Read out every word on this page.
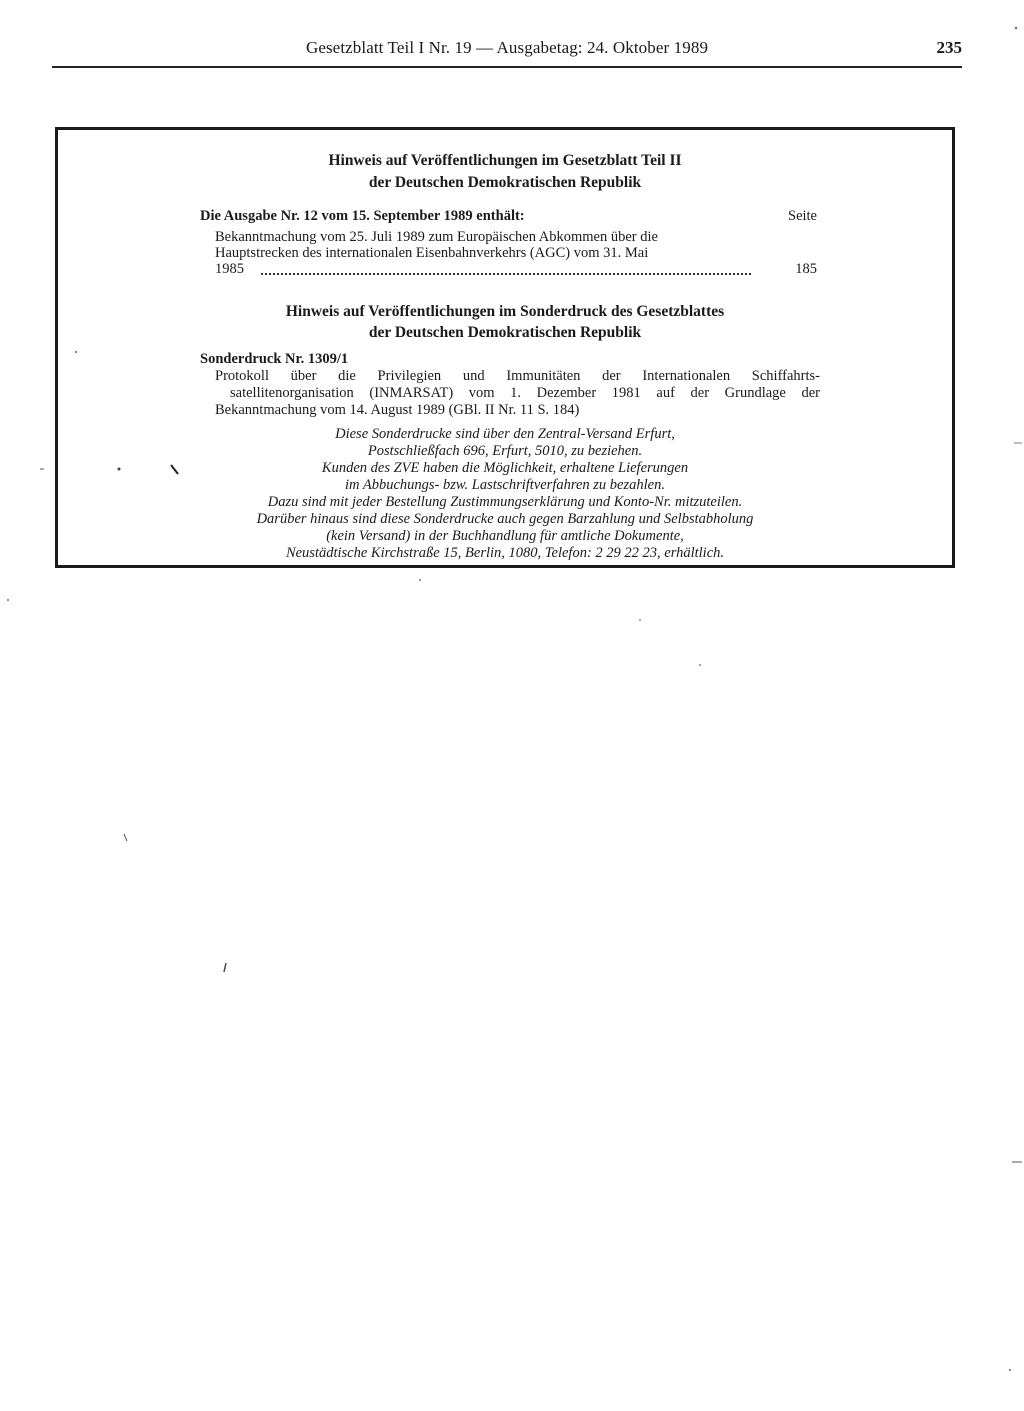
Gesetzblatt Teil I Nr. 19 — Ausgabetag: 24. Oktober 1989	235
Hinweis auf Veröffentlichungen im Gesetzblatt Teil II
der Deutschen Demokratischen Republik
Die Ausgabe Nr. 12 vom 15. September 1989 enthält:	Seite
Bekanntmachung vom 25. Juli 1989 zum Europäischen Abkommen über die
Hauptstrecken des internationalen Eisenbahnverkehrs (AGC) vom 31. Mai
1985	185
Hinweis auf Veröffentlichungen im Sonderdruck des Gesetzblattes
der Deutschen Demokratischen Republik
Sonderdruck Nr. 1309/1
Protokoll über die Privilegien und Immunitäten der Internationalen Schiffahrts-
satellitenorganisation (INMARSAT) vom 1. Dezember 1981 auf der Grundlage der
Bekanntmachung vom 14. August 1989 (GBl. II Nr. 11 S. 184)
Diese Sonderdrucke sind über den Zentral-Versand Erfurt,
Postschließfach 696, Erfurt, 5010, zu beziehen.
Kunden des ZVE haben die Möglichkeit, erhaltene Lieferungen
im Abbuchungs- bzw. Lastschriftverfahren zu bezahlen.
Dazu sind mit jeder Bestellung Zustimmungserklärung und Konto-Nr. mitzuteilen.
Darüber hinaus sind diese Sonderdrucke auch gegen Barzahlung und Selbstabholung
(kein Versand) in der Buchhandlung für amtliche Dokumente,
Neustädtische Kirchstraße 15, Berlin, 1080, Telefon: 2 29 22 23, erhältlich.
